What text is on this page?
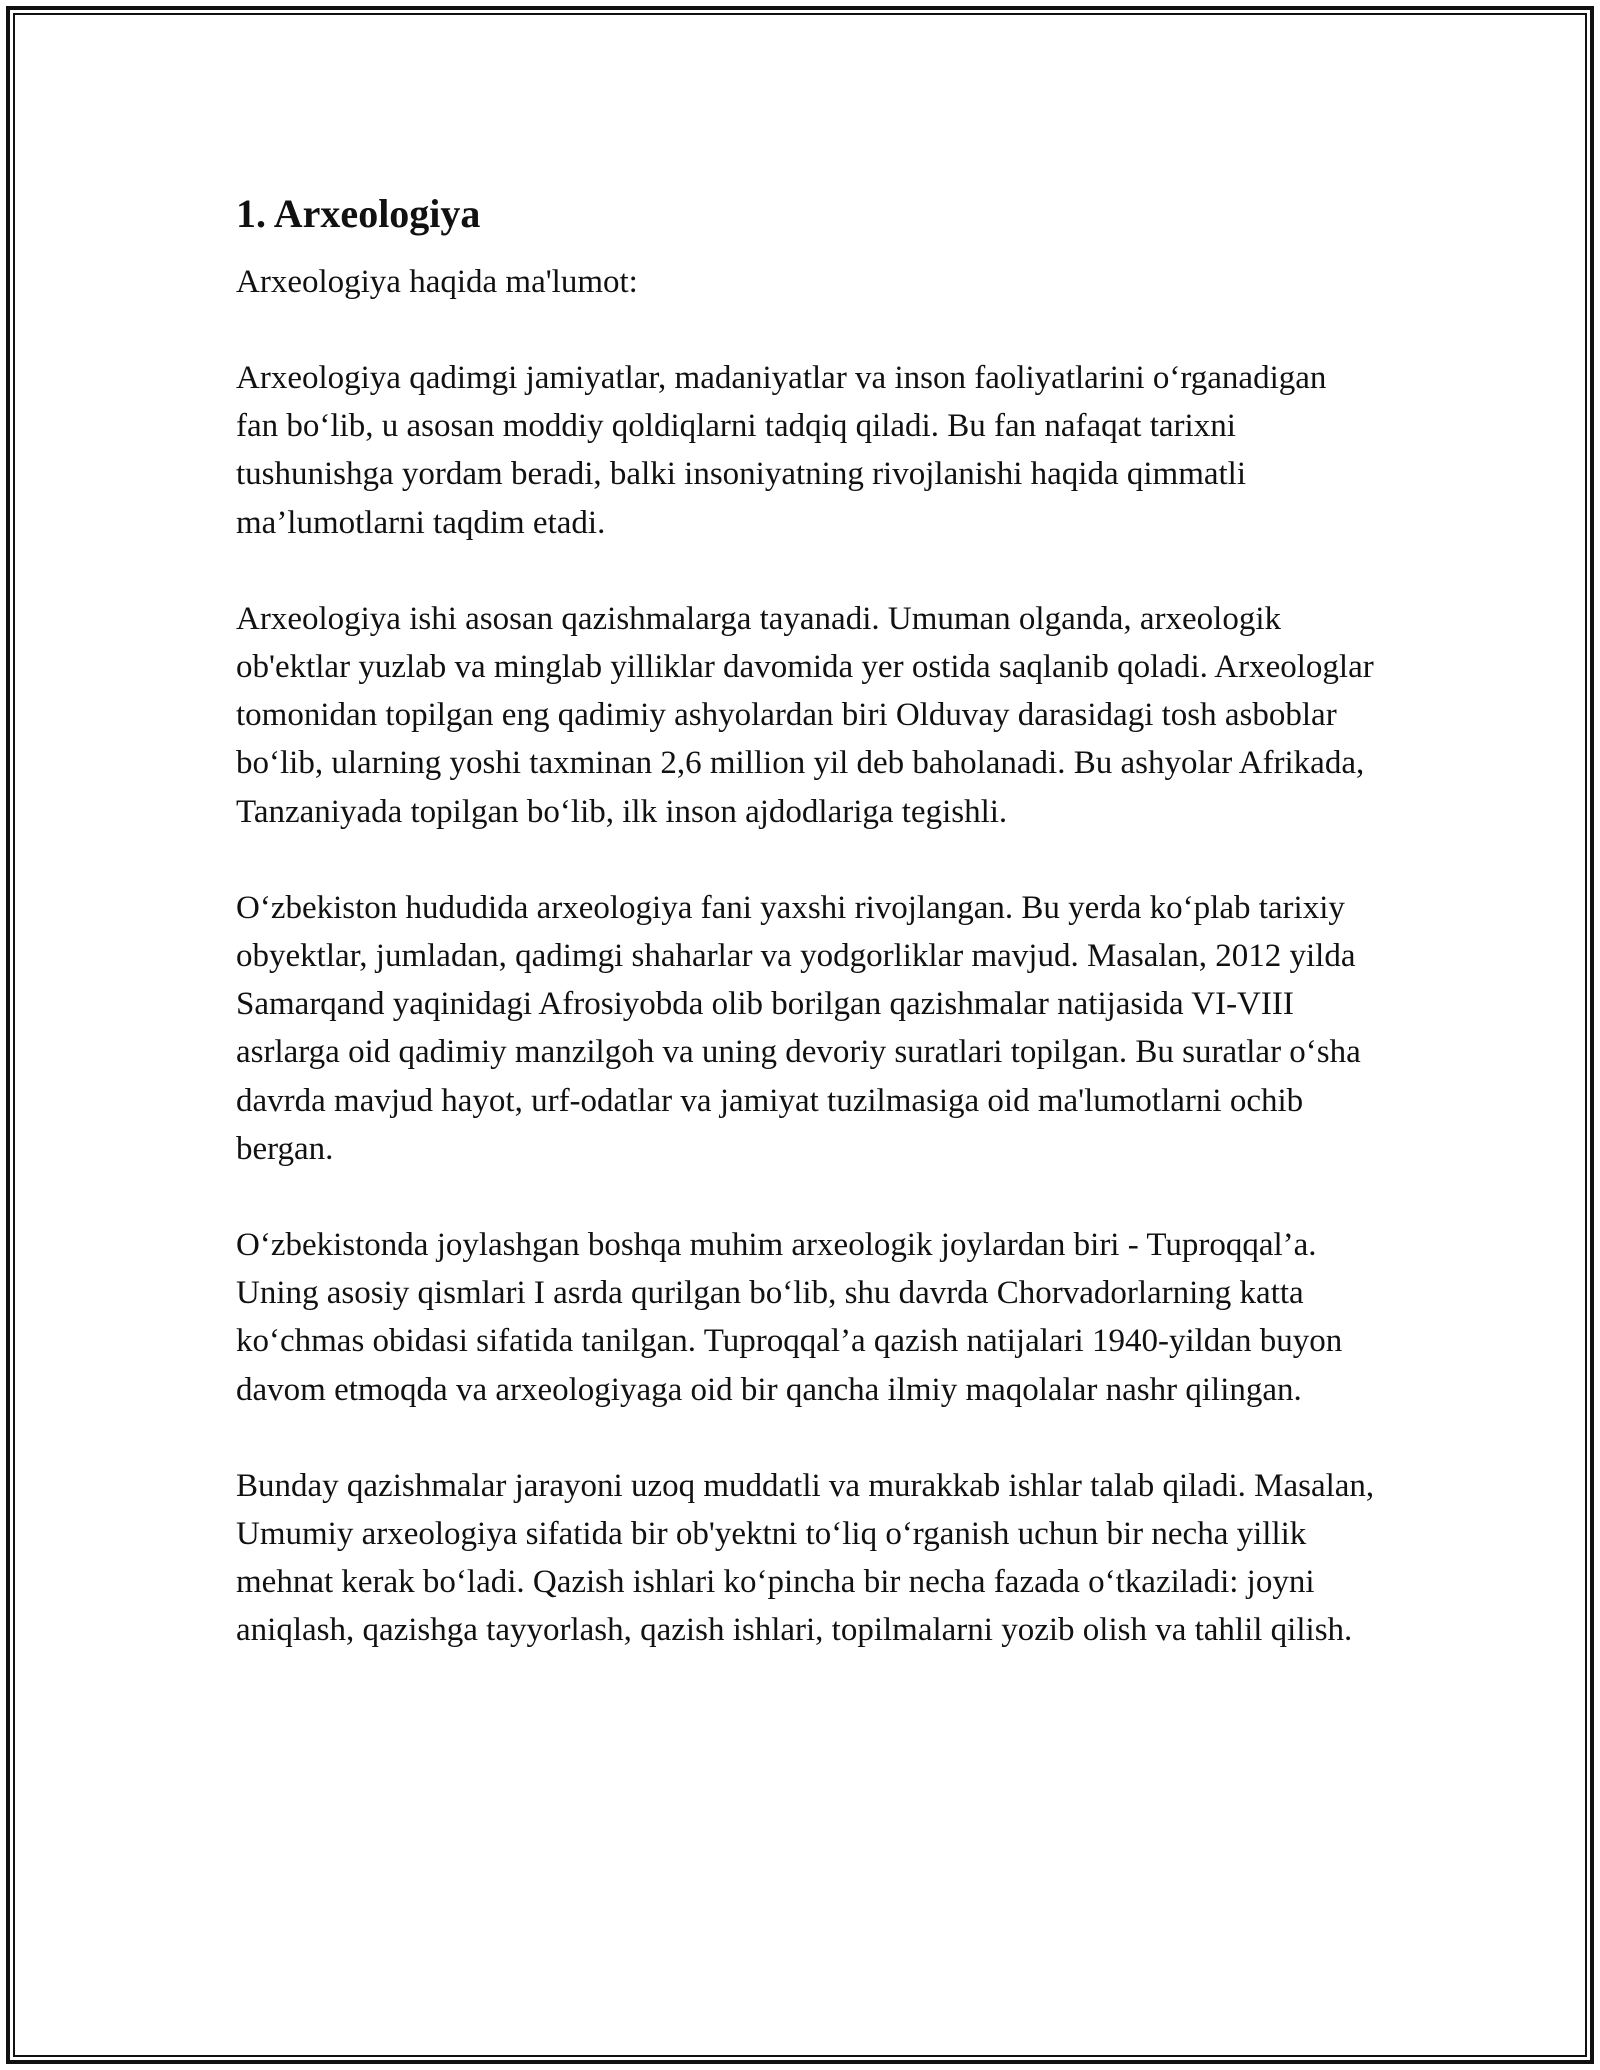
1. Arxeologiya

Arxeologiya haqida ma'lumot:

Arxeologiya qadimgi jamiyatlar, madaniyatlar va inson faoliyatlarini o‘rganadigan fan bo‘lib, u asosan moddiy qoldiqlarni tadqiq qiladi. Bu fan nafaqat tarixni tushunishga yordam beradi, balki insoniyatning rivojlanishi haqida qimmatli ma’lumotlarni taqdim etadi.

Arxeologiya ishi asosan qazishmalarga tayanadi. Umuman olganda, arxeologik ob'ektlar yuzlab va minglab yilliklar davomida yer ostida saqlanib qoladi. Arxeologlar tomonidan topilgan eng qadimiy ashyolardan biri Olduvay darasidagi tosh asboblar bo‘lib, ularning yoshi taxminan 2,6 million yil deb baholanadi. Bu ashyolar Afrikada, Tanzaniyada topilgan bo‘lib, ilk inson ajdodlariga tegishli.

O‘zbekiston hududida arxeologiya fani yaxshi rivojlangan. Bu yerda ko‘plab tarixiy obyektlar, jumladan, qadimgi shaharlar va yodgorliklar mavjud. Masalan, 2012 yilda Samarqand yaqinidagi Afrosiyobda olib borilgan qazishmalar natijasida VI-VIII asrlarga oid qadimiy manzilgoh va uning devoriy suratlari topilgan. Bu suratlar o‘sha davrda mavjud hayot, urf-odatlar va jamiyat tuzilmasiga oid ma'lumotlarni ochib bergan.

O‘zbekistonda joylashgan boshqa muhim arxeologik joylardan biri - Tuproqqal’a. Uning asosiy qismlari I asrda qurilgan bo‘lib, shu davrda Chorvadorlarning katta ko‘chmas obidasi sifatida tanilgan. Tuproqqal’a qazish natijalari 1940-yildan buyon davom etmoqda va arxeologiyaga oid bir qancha ilmiy maqolalar nashr qilingan.

Bunday qazishmalar jarayoni uzoq muddatli va murakkab ishlar talab qiladi. Masalan, Umumiy arxeologiya sifatida bir ob'yektni to‘liq o‘rganish uchun bir necha yillik mehnat kerak bo‘ladi. Qazish ishlari ko‘pincha bir necha fazada o‘tkaziladi: joyni aniqlash, qazishga tayyorlash, qazish ishlari, topilmalarni yozib olish va tahlil qilish.
